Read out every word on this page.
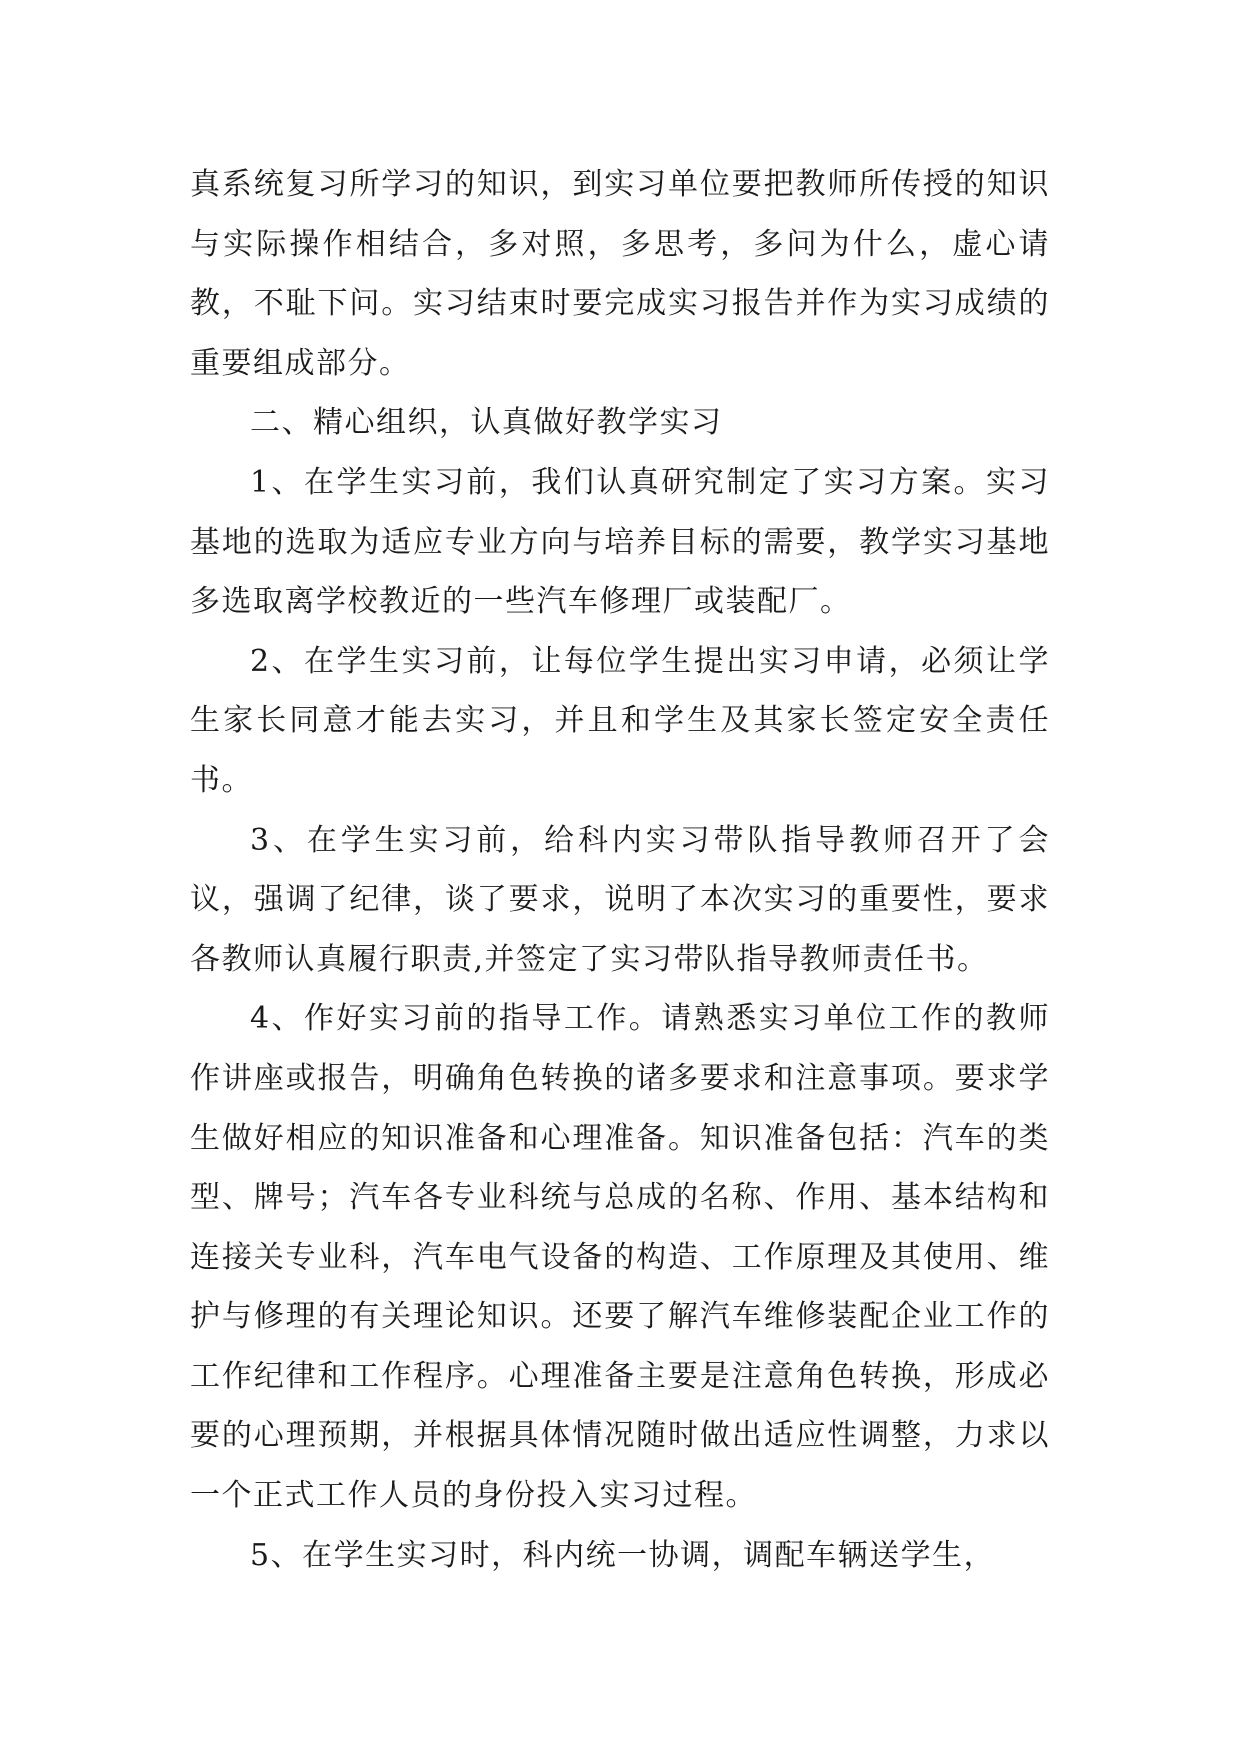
真系统复习所学习的知识，到实习单位要把教师所传授的知识与实际操作相结合，多对照，多思考，多问为什么，虚心请教，不耻下问。实习结束时要完成实习报告并作为实习成绩的重要组成部分。

二、精心组织，认真做好教学实习

1、在学生实习前，我们认真研究制定了实习方案。实习基地的选取为适应专业方向与培养目标的需要，教学实习基地多选取离学校教近的一些汽车修理厂或装配厂。

2、在学生实习前，让每位学生提出实习申请，必须让学生家长同意才能去实习，并且和学生及其家长签定安全责任书。

3、在学生实习前，给科内实习带队指导教师召开了会议，强调了纪律，谈了要求，说明了本次实习的重要性，要求各教师认真履行职责,并签定了实习带队指导教师责任书。

4、作好实习前的指导工作。请熟悉实习单位工作的教师作讲座或报告，明确角色转换的诸多要求和注意事项。要求学生做好相应的知识准备和心理准备。知识准备包括：汽车的类型、牌号；汽车各专业科统与总成的名称、作用、基本结构和连接关专业科，汽车电气设备的构造、工作原理及其使用、维护与修理的有关理论知识。还要了解汽车维修装配企业工作的工作纪律和工作程序。心理准备主要是注意角色转换，形成必要的心理预期，并根据具体情况随时做出适应性调整，力求以一个正式工作人员的身份投入实习过程。

5、在学生实习时，科内统一协调，调配车辆送学生，
